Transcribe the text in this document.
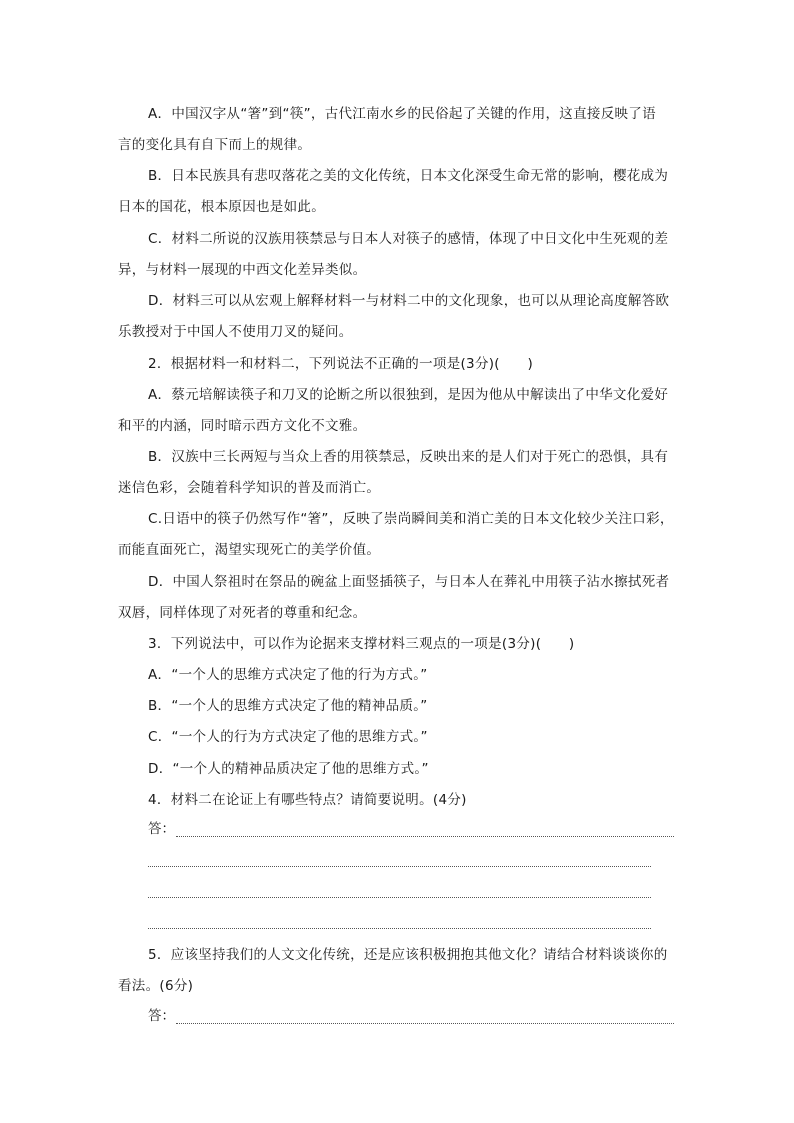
A．中国汉字从“箸”到“筷”，古代江南水乡的民俗起了关键的作用，这直接反映了语
言的变化具有自下而上的规律。
B．日本民族具有悲叹落花之美的文化传统，日本文化深受生命无常的影响，樱花成为
日本的国花，根本原因也是如此。
C．材料二所说的汉族用筷禁忌与日本人对筷子的感情，体现了中日文化中生死观的差
异，与材料一展现的中西文化差异类似。
D．材料三可以从宏观上解释材料一与材料二中的文化现象，也可以从理论高度解答欧
乐教授对于中国人不使用刀叉的疑问。
2．根据材料一和材料二，下列说法不正确的一项是(3分)(　　)
A．蔡元培解读筷子和刀叉的论断之所以很独到，是因为他从中解读出了中华文化爱好
和平的内涵，同时暗示西方文化不文雅。
B．汉族中三长两短与当众上香的用筷禁忌，反映出来的是人们对于死亡的恐惧，具有
迷信色彩，会随着科学知识的普及而消亡。
C.日语中的筷子仍然写作“箸”，反映了崇尚瞬间美和消亡美的日本文化较少关注口彩，
而能直面死亡，渴望实现死亡的美学价值。
D．中国人祭祖时在祭品的碗盆上面竖插筷子，与日本人在葬礼中用筷子沾水擦拭死者
双唇，同样体现了对死者的尊重和纪念。
3．下列说法中，可以作为论据来支撑材料三观点的一项是(3分)(　　)
A．“一个人的思维方式决定了他的行为方式。”
B．“一个人的思维方式决定了他的精神品质。”
C．“一个人的行为方式决定了他的思维方式。”
D．“一个人的精神品质决定了他的思维方式。”
4．材料二在论证上有哪些特点？请简要说明。(4分)
5．应该坚持我们的人文文化传统，还是应该积极拥抱其他文化？请结合材料谈谈你的
看法。(6分)
答：
答：
